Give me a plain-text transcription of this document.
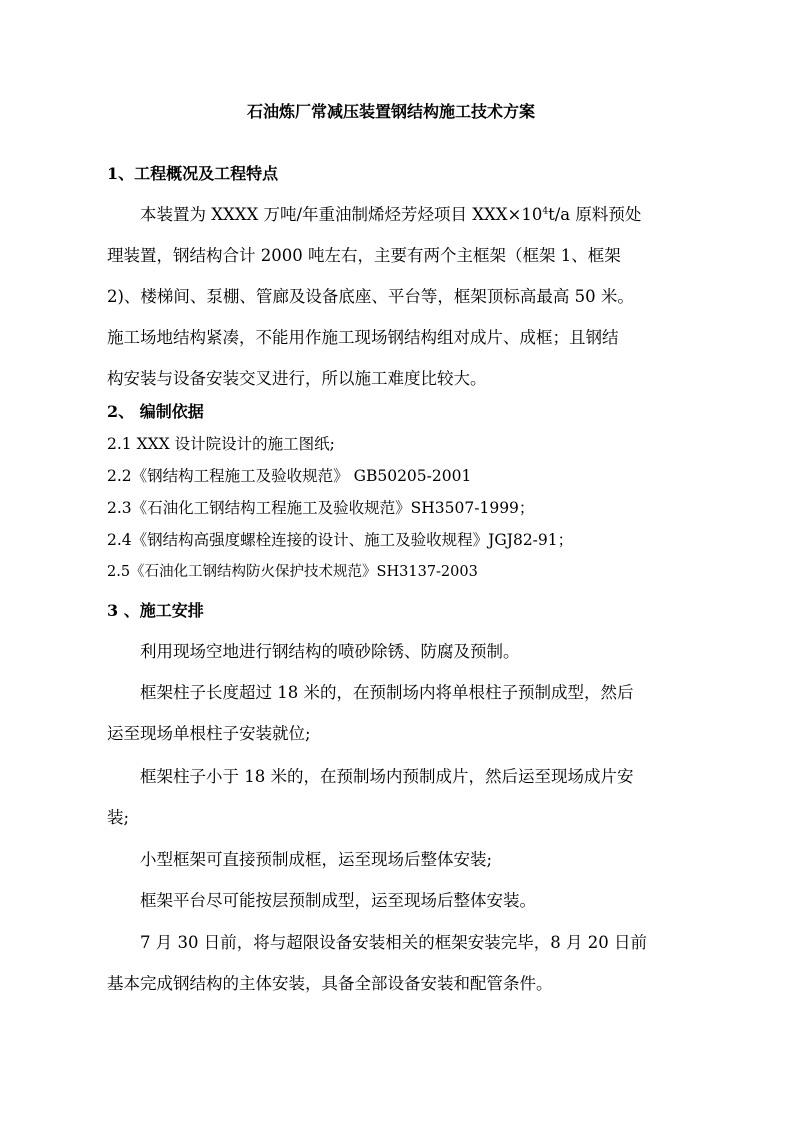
石油炼厂常减压装置钢结构施工技术方案
1、工程概况及工程特点
本装置为 XXXX 万吨/年重油制烯烃芳烃项目 $XXX\times 10^4t/a$ 原料预处
理装置，钢结构合计 2000 吨左右，主要有两个主框架（框架 1、框架
2)、楼梯间、泵棚、管廊及设备底座、平台等，框架顶标高最高 50 米。
施工场地结构紧凑，不能用作施工现场钢结构组对成片、成框；且钢结
构安装与设备安装交叉进行，所以施工难度比较大。
2、 编制依据
2.1 XXX 设计院设计的施工图纸;
2.2《钢结构工程施工及验收规范》 GB50205-2001
2.3《石油化工钢结构工程施工及验收规范》SH3507-1999；
2.4《钢结构高强度螺栓连接的设计、施工及验收规程》JGJ82-91；
2.5《石油化工钢结构防火保护技术规范》SH3137-2003
3 、施工安排
利用现场空地进行钢结构的喷砂除锈、防腐及预制。
框架柱子长度超过 18 米的，在预制场内将单根柱子预制成型，然后
运至现场单根柱子安装就位;
框架柱子小于 18 米的，在预制场内预制成片，然后运至现场成片安
装;
小型框架可直接预制成框，运至现场后整体安装;
框架平台尽可能按层预制成型，运至现场后整体安装。
7 月 30 日前，将与超限设备安装相关的框架安装完毕，8 月 20 日前
基本完成钢结构的主体安装，具备全部设备安装和配管条件。
